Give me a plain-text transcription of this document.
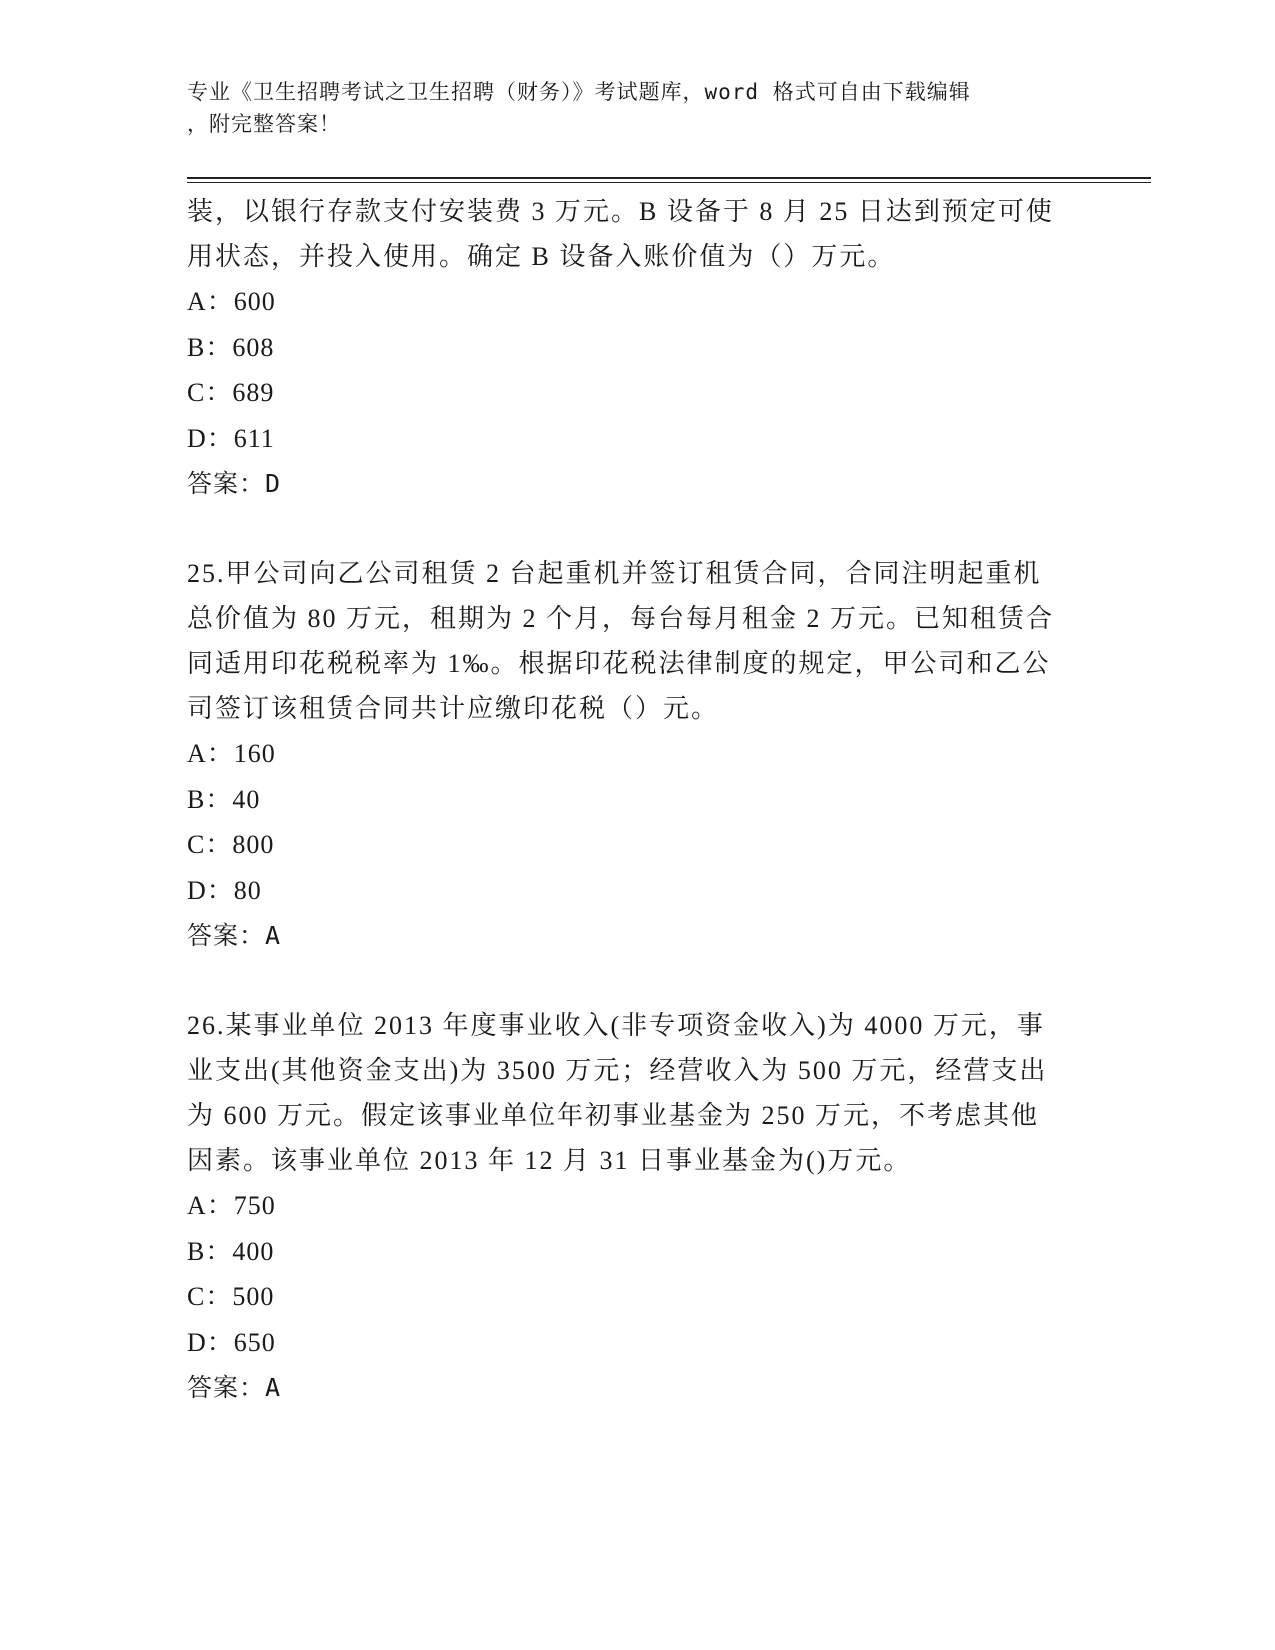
专业《卫生招聘考试之卫生招聘（财务）》考试题库，word 格式可自由下载编辑
，附完整答案！

装，以银行存款支付安装费 3 万元。B 设备于 8 月 25 日达到预定可使

用状态，并投入使用。确定 B 设备入账价值为（）万元。

A：600

B：608

C：689

D：611

答案：D

25.甲公司向乙公司租赁 2 台起重机并签订租赁合同，合同注明起重机

总价值为 80 万元，租期为 2 个月，每台每月租金 2 万元。已知租赁合

同适用印花税税率为 1‰。根据印花税法律制度的规定，甲公司和乙公

司签订该租赁合同共计应缴印花税（）元。

A：160

B：40

C：800

D：80

答案：A

26.某事业单位 2013 年度事业收入(非专项资金收入)为 4000 万元，事

业支出(其他资金支出)为 3500 万元；经营收入为 500 万元，经营支出

为 600 万元。假定该事业单位年初事业基金为 250 万元，不考虑其他

因素。该事业单位 2013 年 12 月 31 日事业基金为()万元。

A：750

B：400

C：500

D：650

答案：A
